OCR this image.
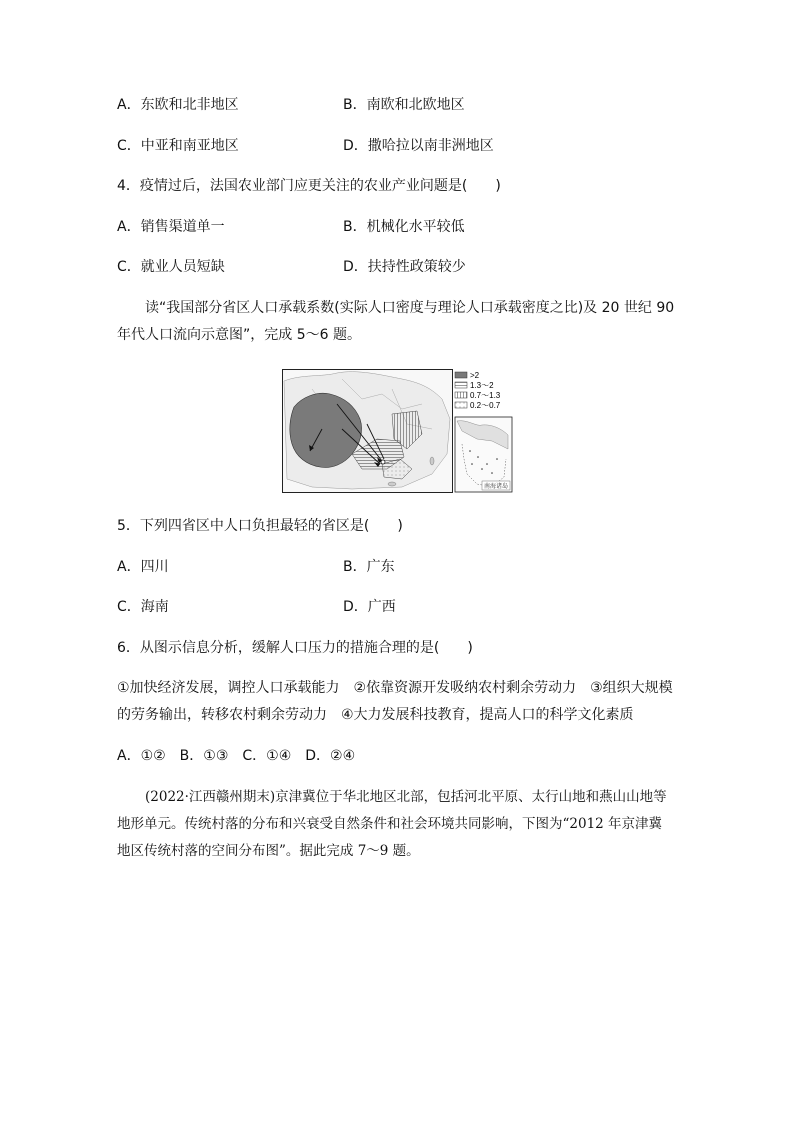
A．东欧和北非地区	B．南欧和北欧地区
C．中亚和南亚地区	D．撒哈拉以南非洲地区
4．疫情过后，法国农业部门应更关注的农业产业问题是(　　)
A．销售渠道单一	B．机械化水平较低
C．就业人员短缺	D．扶持性政策较少
读“我国部分省区人口承载系数(实际人口密度与理论人口承载密度之比)及 20 世纪 90
年代人口流向示意图”，完成 5～6 题。
>2
1.3～2
0.7～1.3
0.2～0.7
南海诸岛
5．下列四省区中人口负担最轻的省区是(　　)
A．四川	B．广东
C．海南	D．广西
6．从图示信息分析，缓解人口压力的措施合理的是(　　)
①加快经济发展，调控人口承载能力　②依靠资源开发吸纳农村剩余劳动力　③组织大规模
的劳务输出，转移农村剩余劳动力　④大力发展科技教育，提高人口的科学文化素质
A．①②　B．①③　C．①④　D．②④
(2022·江西赣州期末)京津冀位于华北地区北部，包括河北平原、太行山地和燕山山地等
地形单元。传统村落的分布和兴衰受自然条件和社会环境共同影响，下图为“2012 年京津冀
地区传统村落的空间分布图”。据此完成 7～9 题。
